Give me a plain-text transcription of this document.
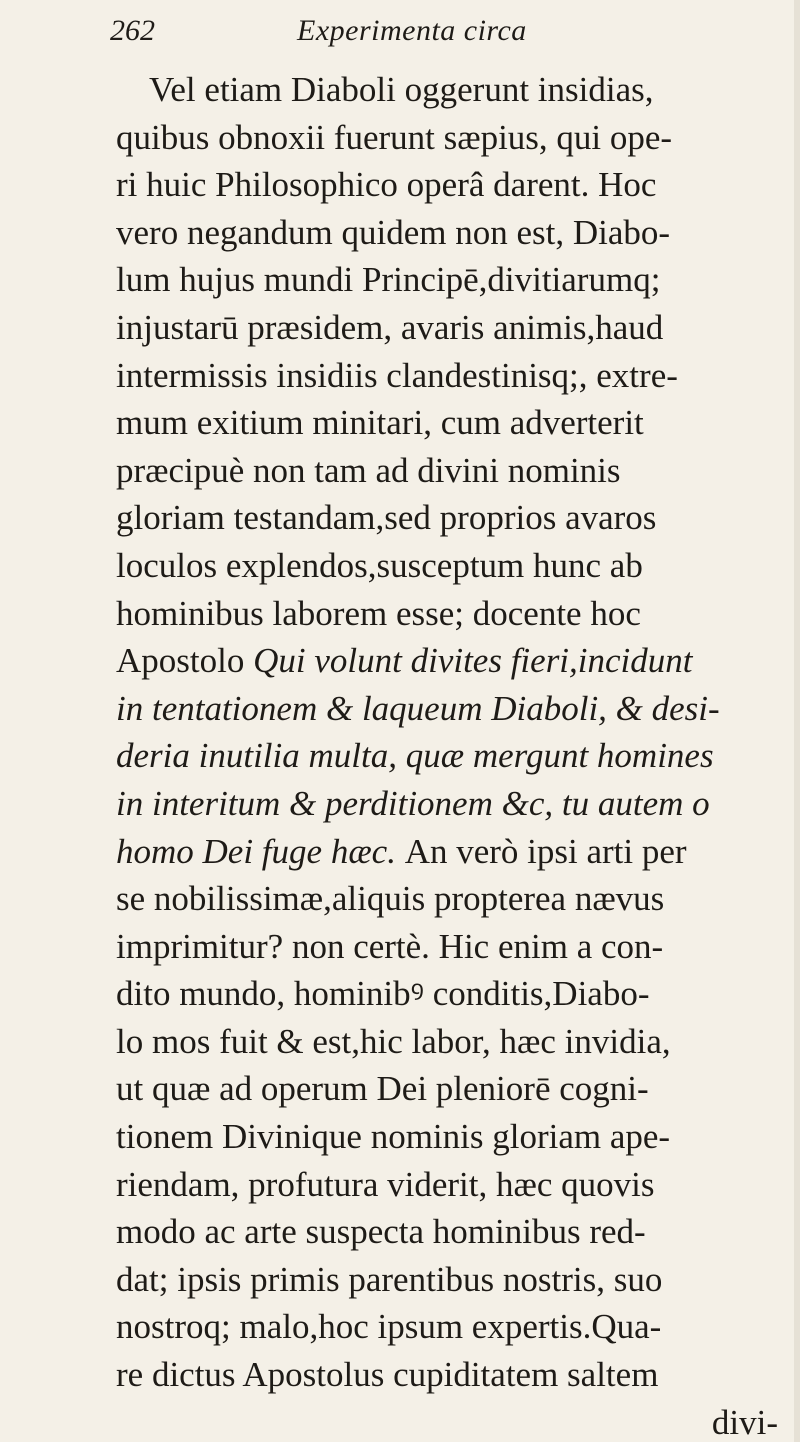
262	Experimenta circa
Vel etiam Diaboli oggerunt insidias,
quibus obnoxii fuerunt sæpius, qui ope-
ri huic Philosophico operâ darent. Hoc
vero negandum quidem non est, Diabo-
lum hujus mundi Principē,divitiarumq;
injustarū præsidem, avaris animis,haud
intermissis insidiis clandestinisq;, extre-
mum exitium minitari, cum adverterit
præcipuè non tam ad divini nominis
gloriam testandam,sed proprios avaros
loculos explendos,susceptum hunc ab
hominibus laborem esse; docente hoc
Apostolo Qui volunt divites fieri,incidunt
in tentationem & laqueum Diaboli, & desi-
deria inutilia multa, quæ mergunt homines
in interitum & perditionem &c, tu autem o
homo Dei fuge hæc. An verò ipsi arti per
se nobilissimæ,aliquis propterea nævus
imprimitur? non certè. Hic enim a con-
dito mundo, hominibꝰ conditis,Diabo-
lo mos fuit & est,hic labor, hæc invidia,
ut quæ ad operum Dei pleniorē cogni-
tionem Divinique nominis gloriam ape-
riendam, profutura viderit, hæc quovis
modo ac arte suspecta hominibus red-
dat; ipsis primis parentibus nostris, suo
nostroq; malo,hoc ipsum expertis.Qua-
re dictus Apostolus cupiditatem saltem
divi-
